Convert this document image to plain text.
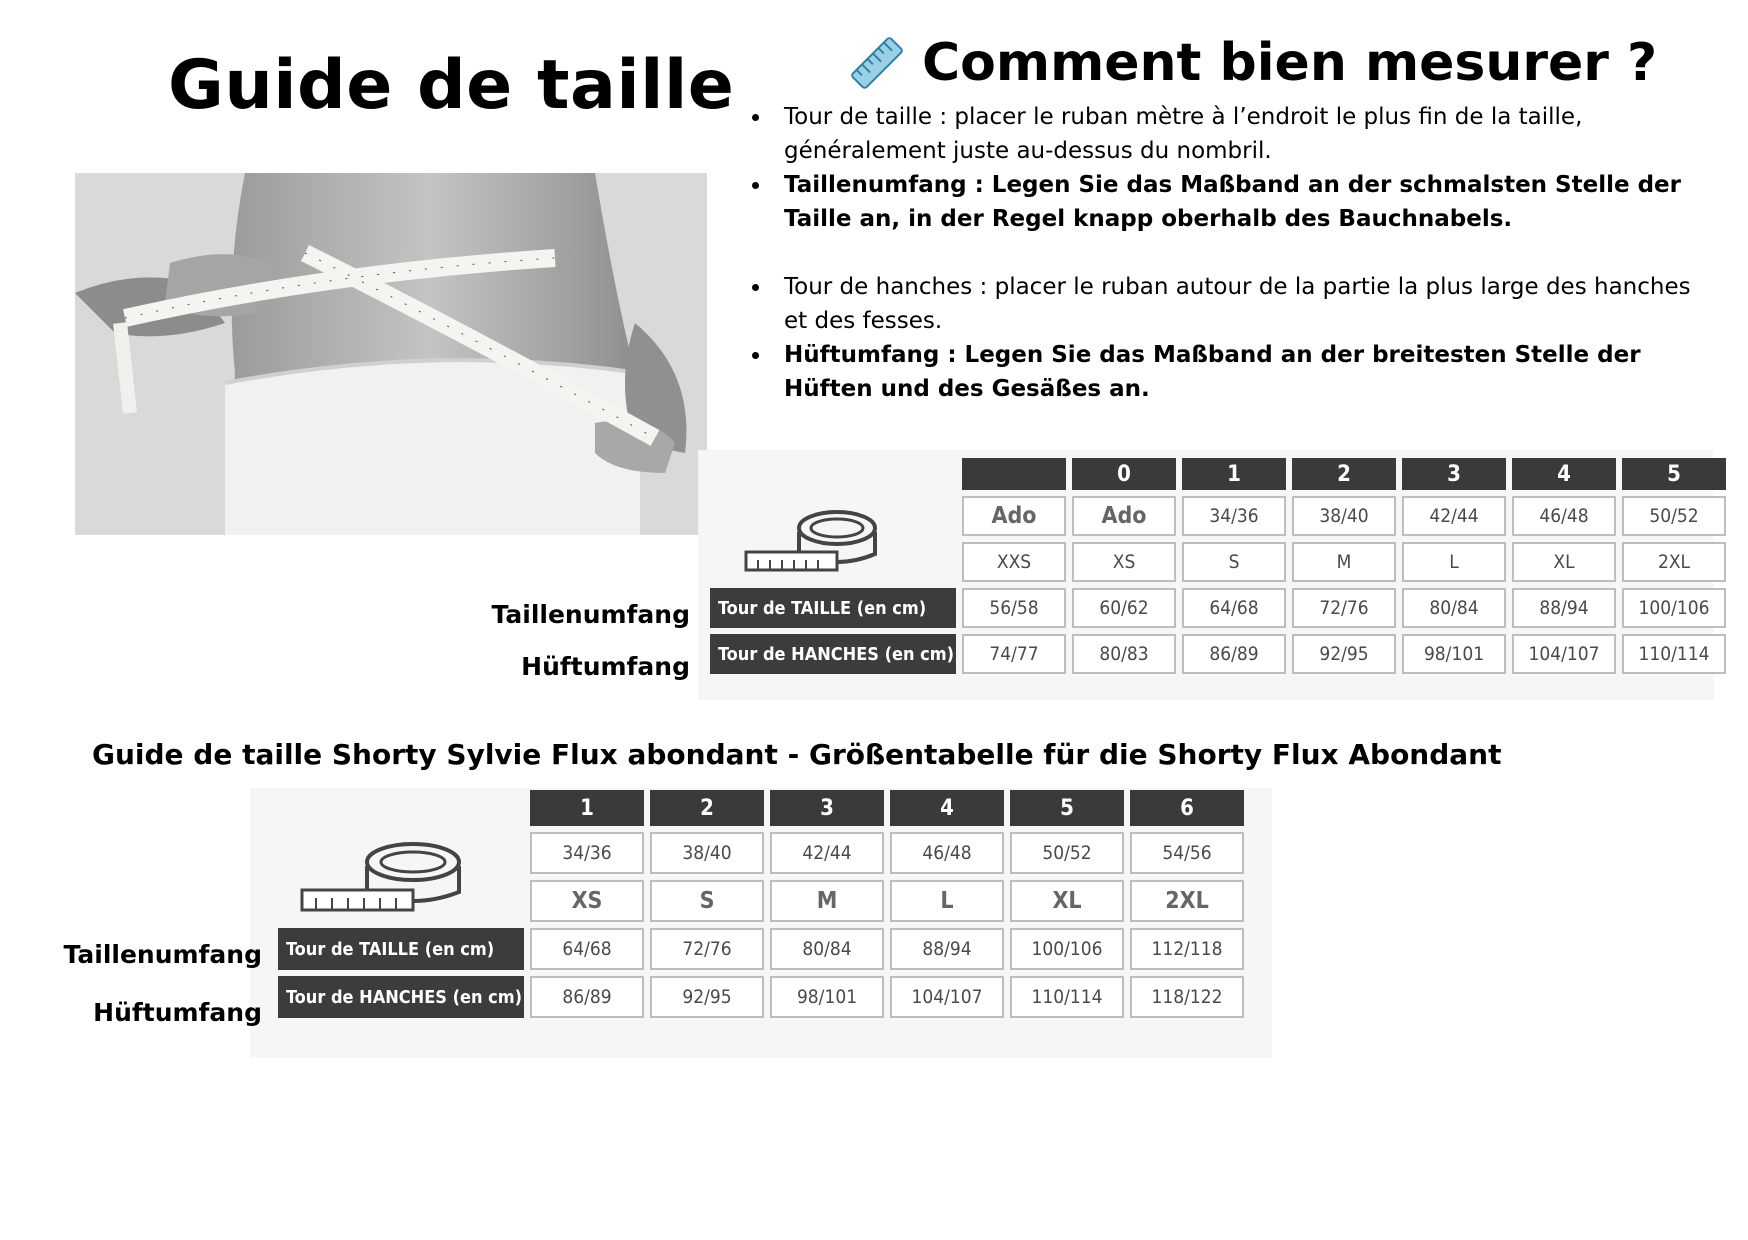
Guide de taille	Comment bien mesurer ?
Tour de taille : placer le ruban mètre à l’endroit le plus fin de la taille, généralement juste au-dessus du nombril.
Taillenumfang : Legen Sie das Maßband an der schmalsten Stelle der Taille an, in der Regel knapp oberhalb des Bauchnabels.
Tour de hanches : placer le ruban autour de la partie la plus large des hanches et des fesses.
Hüftumfang : Legen Sie das Maßband an der breitesten Stelle der Hüften und des Gesäßes an.
		0	1	2	3	4	5
	Ado	Ado	34/36	38/40	42/44	46/48	50/52
	XXS	XS	S	M	L	XL	2XL
Tour de TAILLE (en cm)	56/58	60/62	64/68	72/76	80/84	88/94	100/106
Tour de HANCHES (en cm)	74/77	80/83	86/89	92/95	98/101	104/107	110/114
Taillenumfang
Hüftumfang
Guide de taille Shorty Sylvie Flux abondant - Größentabelle für die Shorty Flux Abondant
	1	2	3	4	5	6
	34/36	38/40	42/44	46/48	50/52	54/56
	XS	S	M	L	XL	2XL
Tour de TAILLE (en cm)	64/68	72/76	80/84	88/94	100/106	112/118
Tour de HANCHES (en cm)	86/89	92/95	98/101	104/107	110/114	118/122
Taillenumfang
Hüftumfang
